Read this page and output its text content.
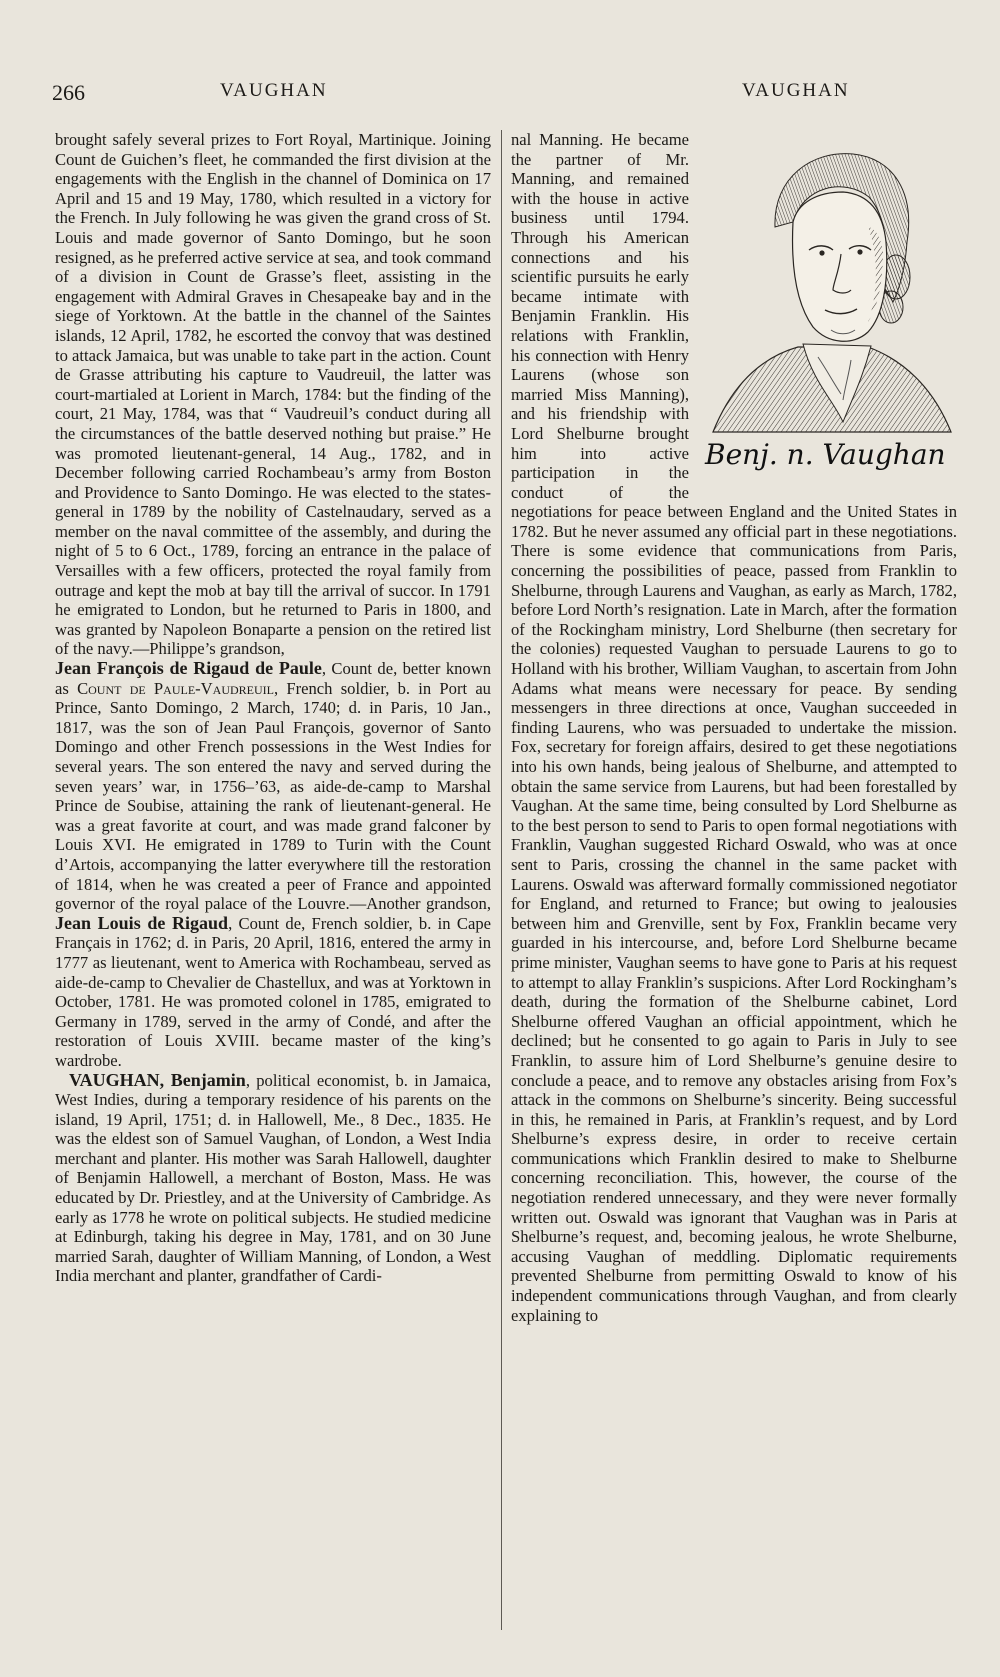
266	VAUGHAN	VAUGHAN

brought safely several prizes to Fort Royal, Martinique. Joining Count de Guichen’s fleet, he commanded the first division at the engagements with the English in the channel of Dominica on 17 April and 15 and 19 May, 1780, which resulted in a victory for the French. In July following he was given the grand cross of St. Louis and made governor of Santo Domingo, but he soon resigned, as he preferred active service at sea, and took command of a division in Count de Grasse’s fleet, assisting in the engagement with Admiral Graves in Chesapeake bay and in the siege of Yorktown. At the battle in the channel of the Saintes islands, 12 April, 1782, he escorted the convoy that was destined to attack Jamaica, but was unable to take part in the action. Count de Grasse attributing his capture to Vaudreuil, the latter was court-martialed at Lorient in March, 1784: but the finding of the court, 21 May, 1784, was that “ Vaudreuil’s conduct during all the circumstances of the battle deserved nothing but praise.” He was promoted lieutenant-general, 14 Aug., 1782, and in December following carried Rochambeau’s army from Boston and Providence to Santo Domingo. He was elected to the states-general in 1789 by the nobility of Castelnaudary, served as a member on the naval committee of the assembly, and during the night of 5 to 6 Oct., 1789, forcing an entrance in the palace of Versailles with a few officers, protected the royal family from outrage and kept the mob at bay till the arrival of succor. In 1791 he emigrated to London, but he returned to Paris in 1800, and was granted by Napoleon Bonaparte a pension on the retired list of the navy.—Philippe’s grandson,

Jean François de Rigaud de Paule, Count de, better known as Count de Paule-Vaudreuil, French soldier, b. in Port au Prince, Santo Domingo, 2 March, 1740; d. in Paris, 10 Jan., 1817, was the son of Jean Paul François, governor of Santo Domingo and other French possessions in the West Indies for several years. The son entered the navy and served during the seven years’ war, in 1756–’63, as aide-de-camp to Marshal Prince de Soubise, attaining the rank of lieutenant-general. He was a great favorite at court, and was made grand falconer by Louis XVI. He emigrated in 1789 to Turin with the Count d’Artois, accompanying the latter everywhere till the restoration of 1814, when he was created a peer of France and appointed governor of the royal palace of the Louvre.—Another grandson, Jean Louis de Rigaud, Count de, French soldier, b. in Cape Français in 1762; d. in Paris, 20 April, 1816, entered the army in 1777 as lieutenant, went to America with Rochambeau, served as aide-de-camp to Chevalier de Chastellux, and was at Yorktown in October, 1781. He was promoted colonel in 1785, emigrated to Germany in 1789, served in the army of Condé, and after the restoration of Louis XVIII. became master of the king’s wardrobe.

VAUGHAN, Benjamin, political economist, b. in Jamaica, West Indies, during a temporary residence of his parents on the island, 19 April, 1751; d. in Hallowell, Me., 8 Dec., 1835. He was the eldest son of Samuel Vaughan, of London, a West India merchant and planter. His mother was Sarah Hallowell, daughter of Benjamin Hallowell, a merchant of Boston, Mass. He was educated by Dr. Priestley, and at the University of Cambridge. As early as 1778 he wrote on political subjects. He studied medicine at Edinburgh, taking his degree in May, 1781, and on 30 June married Sarah, daughter of William Manning, of London, a West India merchant and planter, grandfather of Cardi-

Benj. n. Vaughan

nal Manning. He became the partner of Mr. Manning, and remained with the house in active business until 1794. Through his American connections and his scientific pursuits he early became intimate with Benjamin Franklin. His relations with Franklin, his connection with Henry Laurens (whose son married Miss Manning), and his friendship with Lord Shelburne brought him into active participation in the conduct of the negotiations for peace between England and the United States in 1782. But he never assumed any official part in these negotiations. There is some evidence that communications from Paris, concerning the possibilities of peace, passed from Franklin to Shelburne, through Laurens and Vaughan, as early as March, 1782, before Lord North’s resignation. Late in March, after the formation of the Rockingham ministry, Lord Shelburne (then secretary for the colonies) requested Vaughan to persuade Laurens to go to Holland with his brother, William Vaughan, to ascertain from John Adams what means were necessary for peace. By sending messengers in three directions at once, Vaughan succeeded in finding Laurens, who was persuaded to undertake the mission. Fox, secretary for foreign affairs, desired to get these negotiations into his own hands, being jealous of Shelburne, and attempted to obtain the same service from Laurens, but had been forestalled by Vaughan. At the same time, being consulted by Lord Shelburne as to the best person to send to Paris to open formal negotiations with Franklin, Vaughan suggested Richard Oswald, who was at once sent to Paris, crossing the channel in the same packet with Laurens. Oswald was afterward formally commissioned negotiator for England, and returned to France; but owing to jealousies between him and Grenville, sent by Fox, Franklin became very guarded in his intercourse, and, before Lord Shelburne became prime minister, Vaughan seems to have gone to Paris at his request to attempt to allay Franklin’s suspicions. After Lord Rockingham’s death, during the formation of the Shelburne cabinet, Lord Shelburne offered Vaughan an official appointment, which he declined; but he consented to go again to Paris in July to see Franklin, to assure him of Lord Shelburne’s genuine desire to conclude a peace, and to remove any obstacles arising from Fox’s attack in the commons on Shelburne’s sincerity. Being successful in this, he remained in Paris, at Franklin’s request, and by Lord Shelburne’s express desire, in order to receive certain communications which Franklin desired to make to Shelburne concerning reconciliation. This, however, the course of the negotiation rendered unnecessary, and they were never formally written out. Oswald was ignorant that Vaughan was in Paris at Shelburne’s request, and, becoming jealous, he wrote Shelburne, accusing Vaughan of meddling. Diplomatic requirements prevented Shelburne from permitting Oswald to know of his independent communications through Vaughan, and from clearly explaining to
